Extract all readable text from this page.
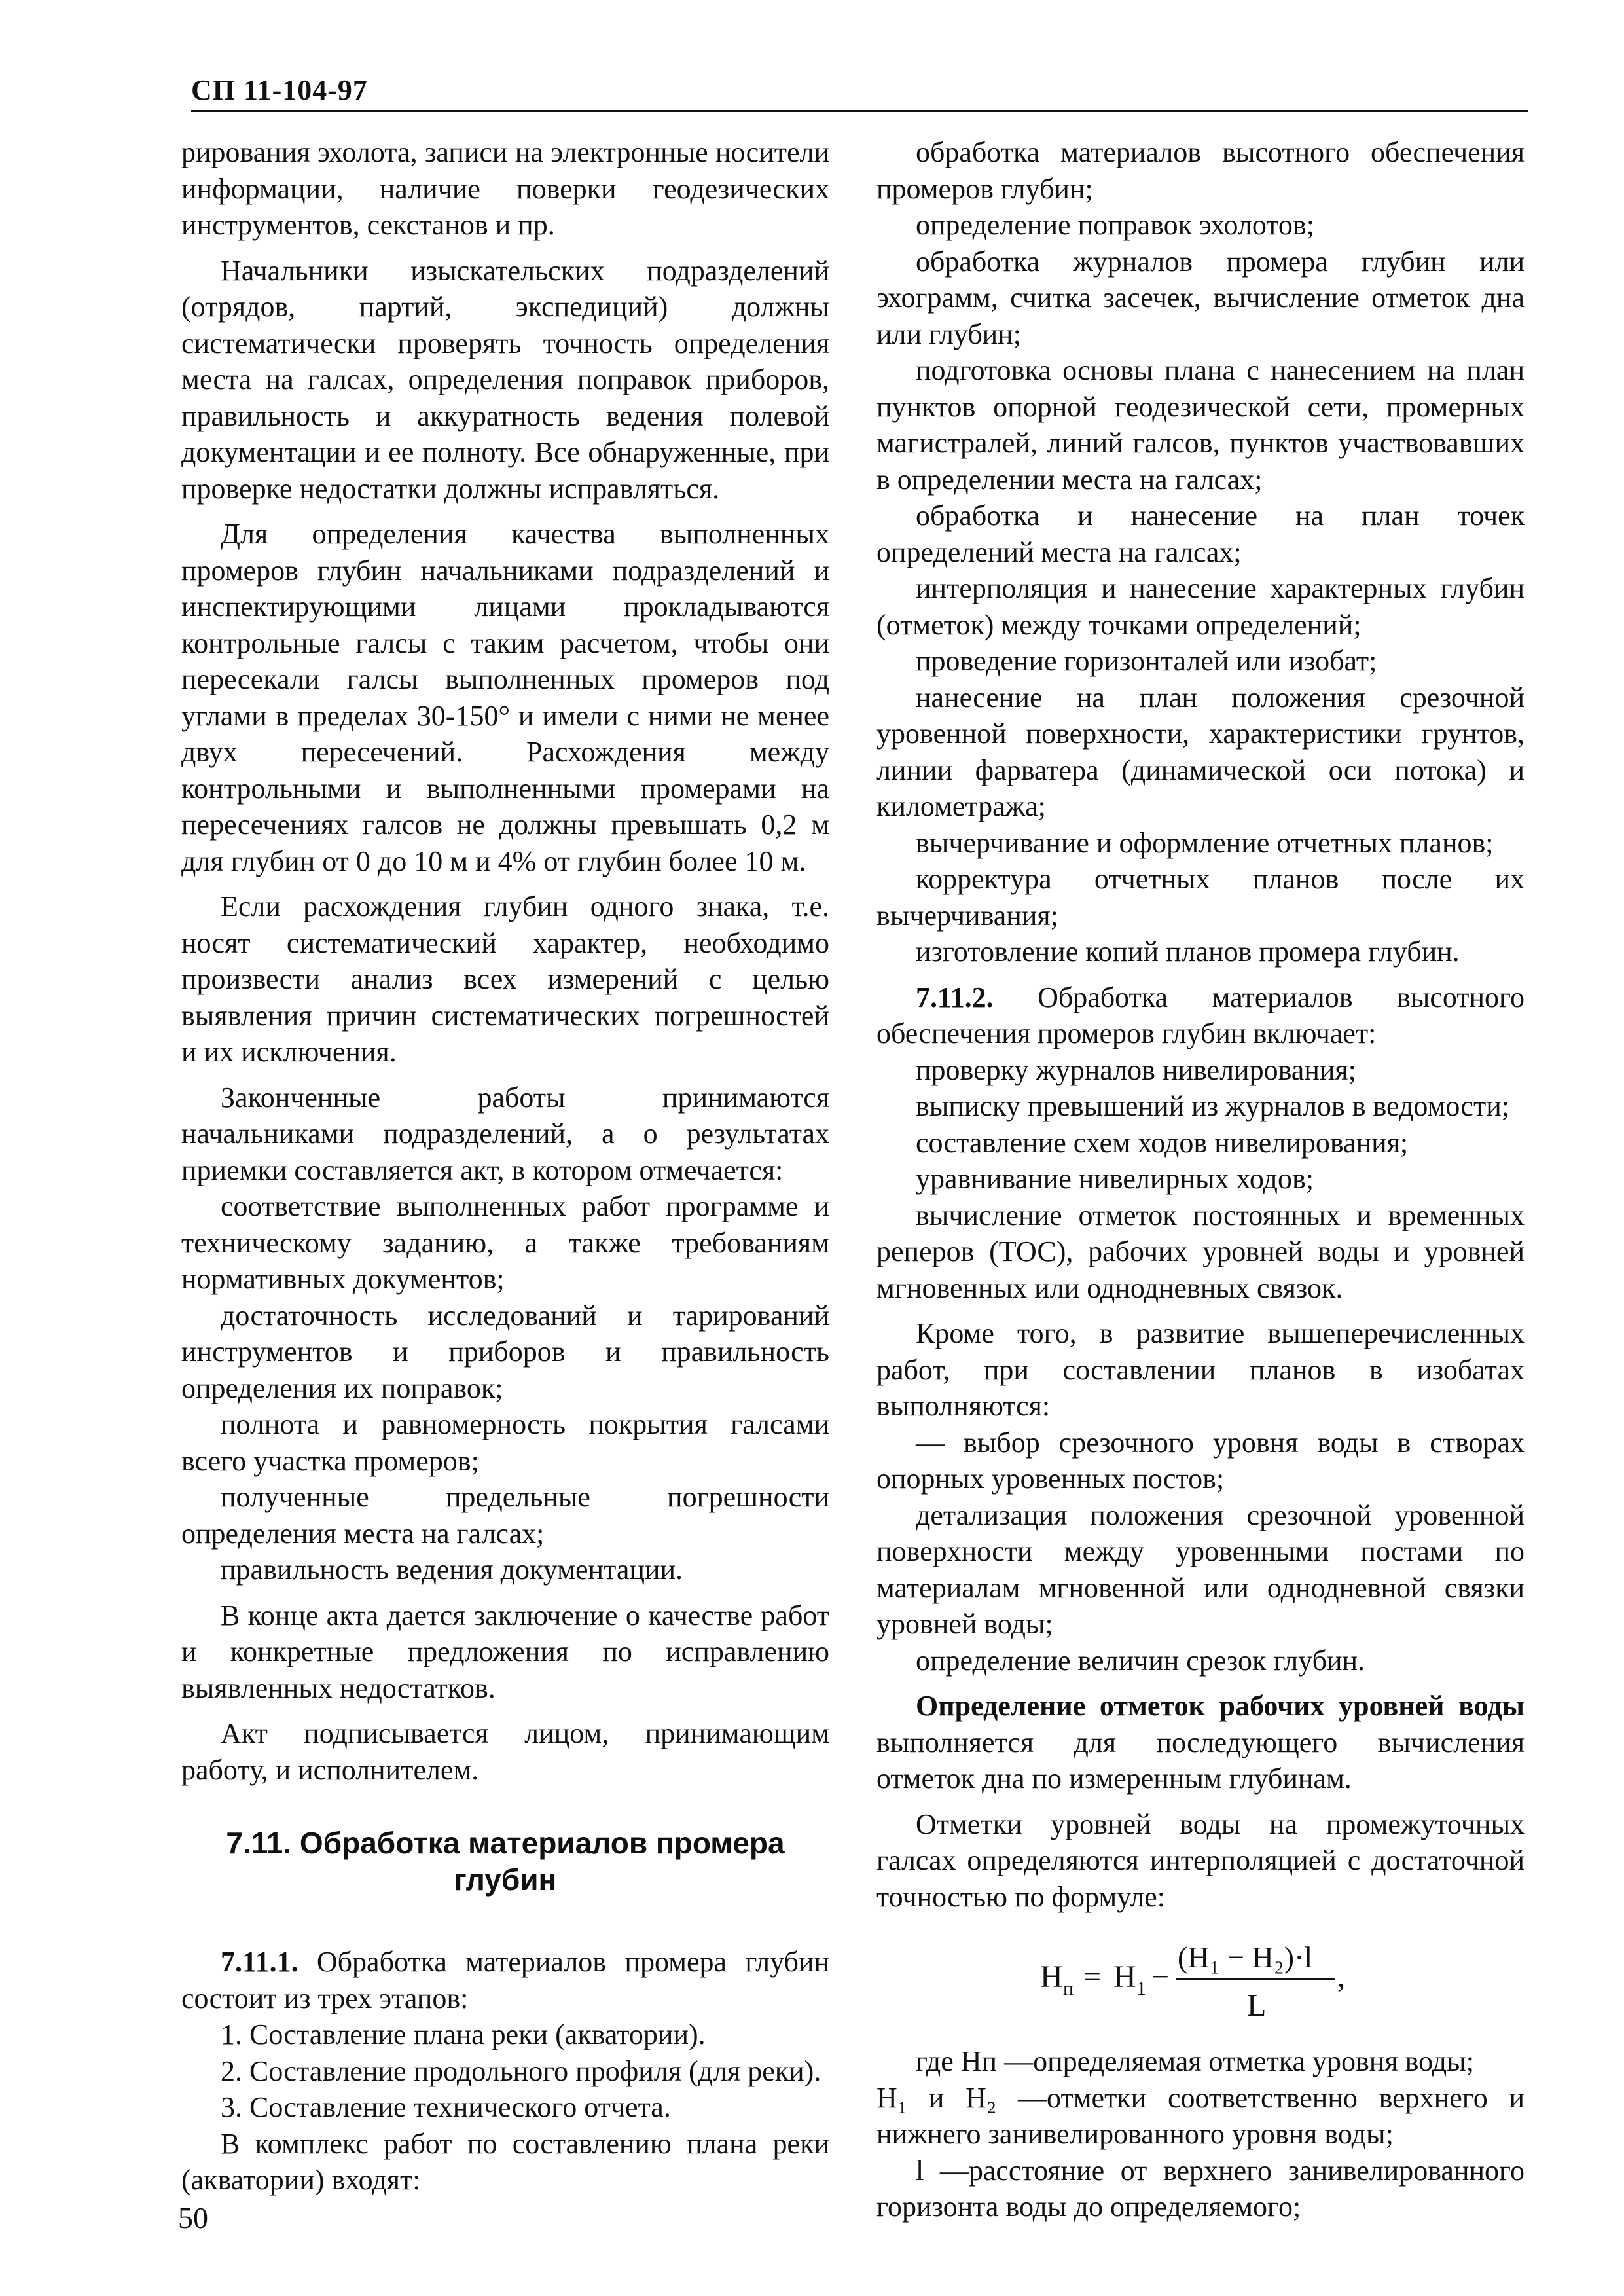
СП 11-104-97

рирования эхолота, записи на электронные носители информации, наличие поверки геодезических инструментов, секстанов и пр.

Начальники изыскательских подразделений (отрядов, партий, экспедиций) должны систематически проверять точность определения места на галсах, определения поправок приборов, правильность и аккуратность ведения полевой документации и ее полноту. Все обнаруженные, при проверке недостатки должны исправляться.

Для определения качества выполненных промеров глубин начальниками подразделений и инспектирующими лицами прокладываются контрольные галсы с таким расчетом, чтобы они пересекали галсы выполненных промеров под углами в пределах 30-150° и имели с ними не менее двух пересечений. Расхождения между контрольными и выполненными промерами на пересечениях галсов не должны превышать 0,2 м для глубин от 0 до 10 м и 4% от глубин более 10 м.

Если расхождения глубин одного знака, т.е. носят систематический характер, необходимо произвести анализ всех измерений с целью выявления причин систематических погрешностей и их исключения.

Законченные работы принимаются начальниками подразделений, а о результатах приемки составляется акт, в котором отмечается:

соответствие выполненных работ программе и техническому заданию, а также требованиям нормативных документов;

достаточность исследований и тарирований инструментов и приборов и правильность определения их поправок;

полнота и равномерность покрытия галсами всего участка промеров;

полученные предельные погрешности определения места на галсах;

правильность ведения документации.

В конце акта дается заключение о качестве работ и конкретные предложения по исправлению выявленных недостатков.

Акт подписывается лицом, принимающим работу, и исполнителем.

7.11. Обработка материалов промера глубин

7.11.1. Обработка материалов промера глубин состоит из трех этапов:

1. Составление плана реки (акватории).

2. Составление продольного профиля (для реки).

3. Составление технического отчета.

В комплекс работ по составлению плана реки (акватории) входят:

обработка материалов высотного обеспечения промеров глубин;

определение поправок эхолотов;

обработка журналов промера глубин или эхограмм, считка засечек, вычисление отметок дна или глубин;

подготовка основы плана с нанесением на план пунктов опорной геодезической сети, промерных магистралей, линий галсов, пунктов участвовавших в определении места на галсах;

обработка и нанесение на план точек определений места на галсах;

интерполяция и нанесение характерных глубин (отметок) между точками определений;

проведение горизонталей или изобат;

нанесение на план положения срезочной уровенной поверхности, характеристики грунтов, линии фарватера (динамической оси потока) и километража;

вычерчивание и оформление отчетных планов;

корректура отчетных планов после их вычерчивания;

изготовление копий планов промера глубин.

7.11.2. Обработка материалов высотного обеспечения промеров глубин включает:

проверку журналов нивелирования;

выписку превышений из журналов в ведомости;

составление схем ходов нивелирования;

уравнивание нивелирных ходов;

вычисление отметок постоянных и временных реперов (ТОС), рабочих уровней воды и уровней мгновенных или однодневных связок.

Кроме того, в развитие вышеперечисленных работ, при составлении планов в изобатах выполняются:

— выбор срезочного уровня воды в створах опорных уровенных постов;

детализация положения срезочной уровенной поверхности между уровенными постами по материалам мгновенной или однодневной связки уровней воды;

определение величин срезок глубин.

Определение отметок рабочих уровней воды выполняется для последующего вычисления отметок дна по измеренным глубинам.

Отметки уровней воды на промежуточных галсах определяются интерполяцией с достаточной точностью по формуле:

H п = H 1 −
(H₁ − H₂)·l
L
,

где Hп —определяемая отметка уровня воды;

H₁ и H₂ —отметки соответственно верхнего и нижнего занивелированного уровня воды;

l —расстояние от верхнего занивелированного горизонта воды до определяемого;

50
